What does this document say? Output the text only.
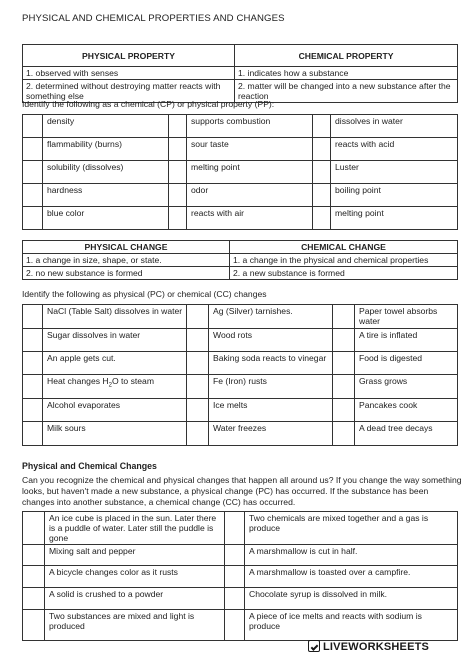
PHYSICAL AND CHEMICAL PROPERTIES AND CHANGES
PHYSICAL PROPERTY	CHEMICAL PROPERTY
1. observed with senses	1. indicates how a substance
2. determined without destroying matter reacts with something else	2. matter will be changed into a new substance after the reaction
Identify the following as a chemical (CP) or physical property (PP):
	density		supports combustion		dissolves in water
	flammability (burns)		sour taste		reacts with acid
	solubility (dissolves)		melting point		Luster
	hardness		odor		boiling point
	blue color		reacts with air		melting point
PHYSICAL CHANGE	CHEMICAL CHANGE
1. a change in size, shape, or state.	1. a change in the physical and chemical properties
2. no new substance is formed	2. a new substance is formed
Identify the following as physical (PC) or chemical (CC) changes
	NaCl (Table Salt) dissolves in water		Ag (Silver) tarnishes.		Paper towel absorbs water
	Sugar dissolves in water		Wood rots		A tire is inflated
	An apple gets cut.		Baking soda reacts to vinegar		Food is digested
	Heat changes $H_2O$ to steam		Fe (Iron) rusts		Grass grows
	Alcohol evaporates		Ice melts		Pancakes cook
	Milk sours		Water freezes		A dead tree decays
Physical and Chemical Changes
Can you recognize the chemical and physical changes that happen all around us? If you change the way something looks, but haven't made a new substance, a physical change (PC) has occurred. If the substance has been changes into another substance, a chemical change (CC) has occurred.
	An ice cube is placed in the sun. Later there is a puddle of water. Later still the puddle is gone		Two chemicals are mixed together and a gas is produce
	Mixing salt and pepper		A marshmallow is cut in half.
	A bicycle changes color as it rusts		A marshmallow is toasted over a campfire.
	A solid is crushed to a powder		Chocolate syrup is dissolved in milk.
	Two substances are mixed and light is produced		A piece of ice melts and reacts with sodium is produce
LIVEWORKSHEETS
